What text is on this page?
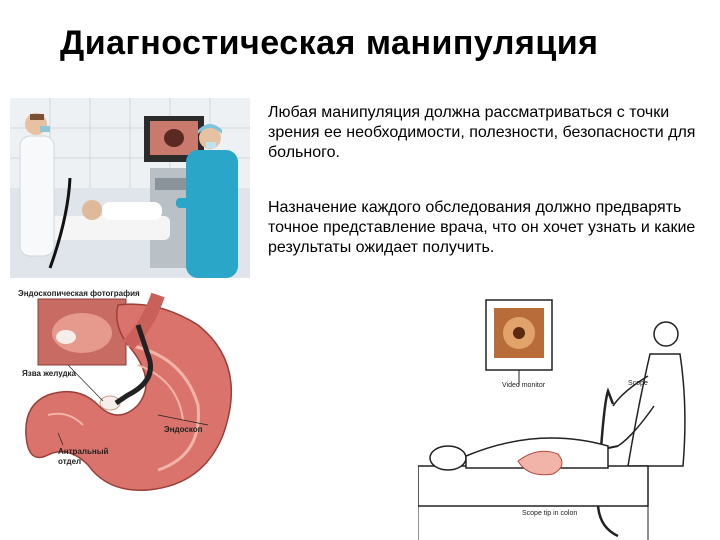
Диагностическая манипуляция
Любая манипуляция должна рассматриваться с точки зрения ее необходимости, полезности, безопасности для больного.
Назначение каждого обследования должно предварять точное представление врача, что он хочет узнать и какие результаты ожидает получить.
Эндоскопическая фотография
Язва желудка
Эндоскоп
Антральный отдел
Video monitor	Scope
Scope tip in colon
